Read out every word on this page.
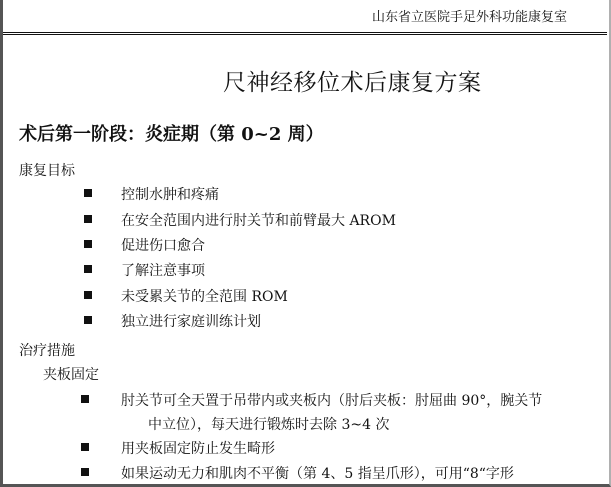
山东省立医院手足外科功能康复室
尺神经移位术后康复方案
术后第一阶段：炎症期（第 0~2 周）
康复目标
控制水肿和疼痛
在安全范围内进行肘关节和前臂最大 AROM
促进伤口愈合
了解注意事项
未受累关节的全范围 ROM
独立进行家庭训练计划
治疗措施
夹板固定
肘关节可全天置于吊带内或夹板内（肘后夹板：肘屈曲 90°，腕关节
中立位），每天进行锻炼时去除 3~4 次
用夹板固定防止发生畸形
如果运动无力和肌肉不平衡（第 4、5 指呈爪形），可用“8“字形
